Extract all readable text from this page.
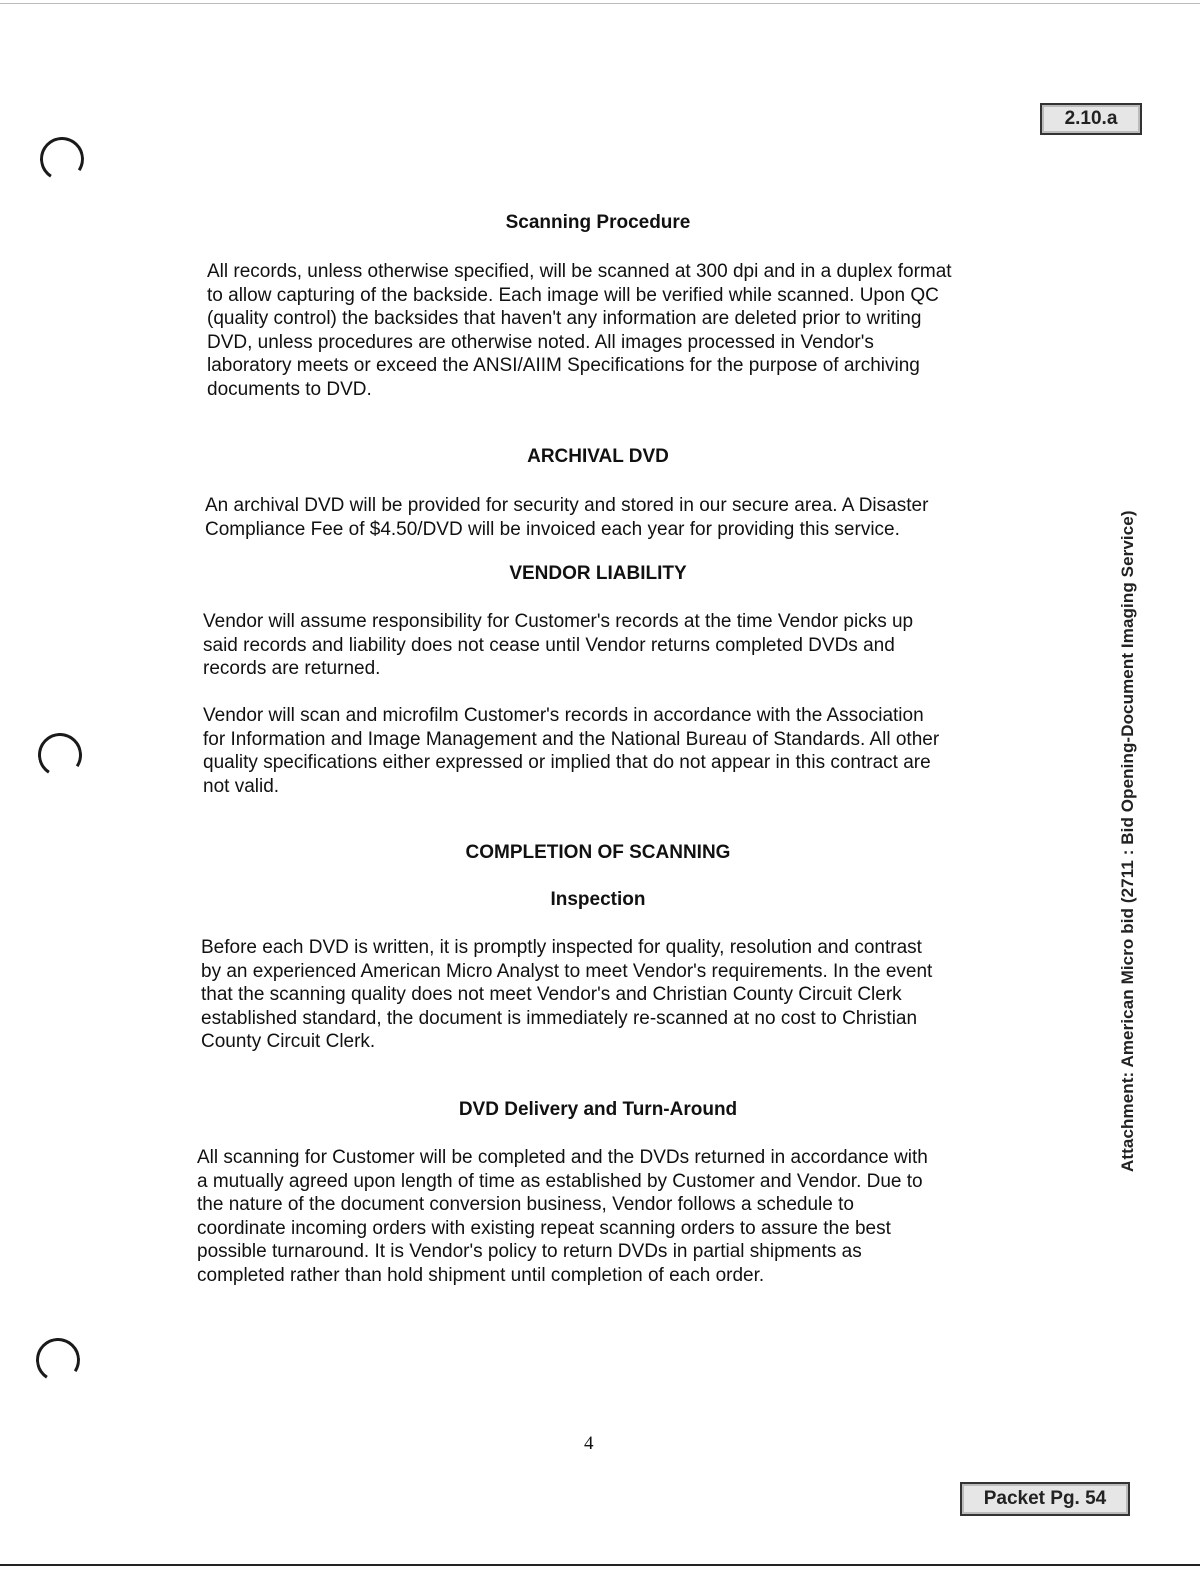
2.10.a
Attachment: American Micro bid (2711 : Bid Opening-Document Imaging Service)
Scanning Procedure
All records, unless otherwise specified, will be scanned at 300 dpi and in a duplex format
to allow capturing of the backside. Each image will be verified while scanned. Upon QC
(quality control) the backsides that haven't any information are deleted prior to writing
DVD, unless procedures are otherwise noted. All images processed in Vendor's
laboratory meets or exceed the ANSI/AIIM Specifications for the purpose of archiving
documents to DVD.
ARCHIVAL DVD
An archival DVD will be provided for security and stored in our secure area. A Disaster
Compliance Fee of $4.50/DVD will be invoiced each year for providing this service.
VENDOR LIABILITY
Vendor will assume responsibility for Customer's records at the time Vendor picks up
said records and liability does not cease until Vendor returns completed DVDs and
records are returned.
Vendor will scan and microfilm Customer's records in accordance with the Association
for Information and Image Management and the National Bureau of Standards. All other
quality specifications either expressed or implied that do not appear in this contract are
not valid.
COMPLETION OF SCANNING
Inspection
Before each DVD is written, it is promptly inspected for quality, resolution and contrast
by an experienced American Micro Analyst to meet Vendor's requirements. In the event
that the scanning quality does not meet Vendor's and Christian County Circuit Clerk
established standard, the document is immediately re-scanned at no cost to Christian
County Circuit Clerk.
DVD Delivery and Turn-Around
All scanning for Customer will be completed and the DVDs returned in accordance with
a mutually agreed upon length of time as established by Customer and Vendor. Due to
the nature of the document conversion business, Vendor follows a schedule to
coordinate incoming orders with existing repeat scanning orders to assure the best
possible turnaround. It is Vendor's policy to return DVDs in partial shipments as
completed rather than hold shipment until completion of each order.
4
Packet Pg. 54
